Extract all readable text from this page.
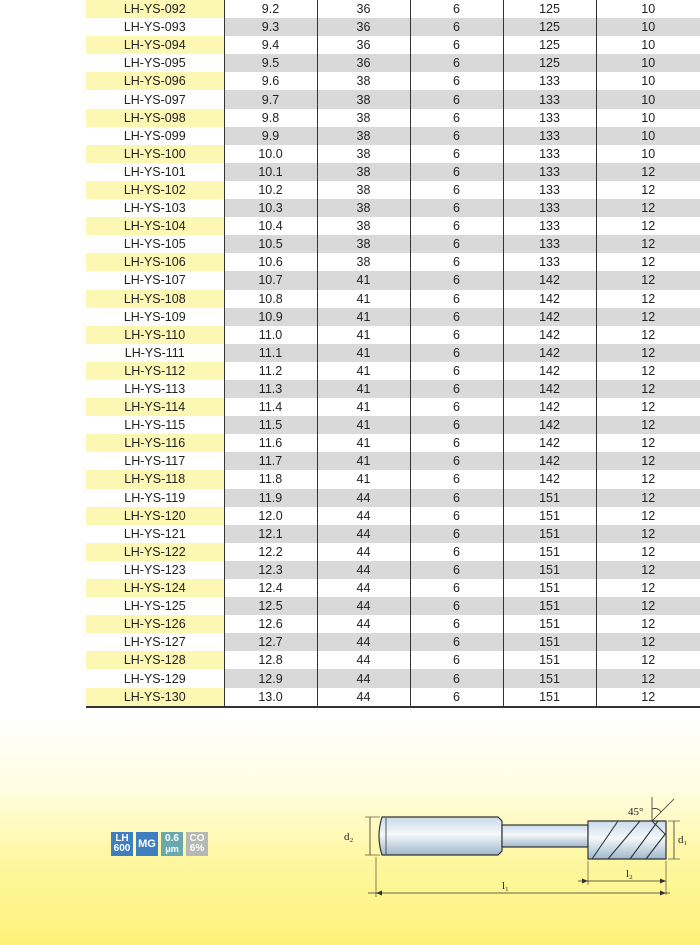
LH-YS-092	9.2	36	6	125	10
LH-YS-093	9.3	36	6	125	10
LH-YS-094	9.4	36	6	125	10
LH-YS-095	9.5	36	6	125	10
LH-YS-096	9.6	38	6	133	10
LH-YS-097	9.7	38	6	133	10
LH-YS-098	9.8	38	6	133	10
LH-YS-099	9.9	38	6	133	10
LH-YS-100	10.0	38	6	133	10
LH-YS-101	10.1	38	6	133	12
LH-YS-102	10.2	38	6	133	12
LH-YS-103	10.3	38	6	133	12
LH-YS-104	10.4	38	6	133	12
LH-YS-105	10.5	38	6	133	12
LH-YS-106	10.6	38	6	133	12
LH-YS-107	10.7	41	6	142	12
LH-YS-108	10.8	41	6	142	12
LH-YS-109	10.9	41	6	142	12
LH-YS-110	11.0	41	6	142	12
LH-YS-111	11.1	41	6	142	12
LH-YS-112	11.2	41	6	142	12
LH-YS-113	11.3	41	6	142	12
LH-YS-114	11.4	41	6	142	12
LH-YS-115	11.5	41	6	142	12
LH-YS-116	11.6	41	6	142	12
LH-YS-117	11.7	41	6	142	12
LH-YS-118	11.8	41	6	142	12
LH-YS-119	11.9	44	6	151	12
LH-YS-120	12.0	44	6	151	12
LH-YS-121	12.1	44	6	151	12
LH-YS-122	12.2	44	6	151	12
LH-YS-123	12.3	44	6	151	12
LH-YS-124	12.4	44	6	151	12
LH-YS-125	12.5	44	6	151	12
LH-YS-126	12.6	44	6	151	12
LH-YS-127	12.7	44	6	151	12
LH-YS-128	12.8	44	6	151	12
LH-YS-129	12.9	44	6	151	12
LH-YS-130	13.0	44	6	151	12
LH
600 MG 0.6
μm
CO
6%
45°
d₂	d₁
l₂
l₁
